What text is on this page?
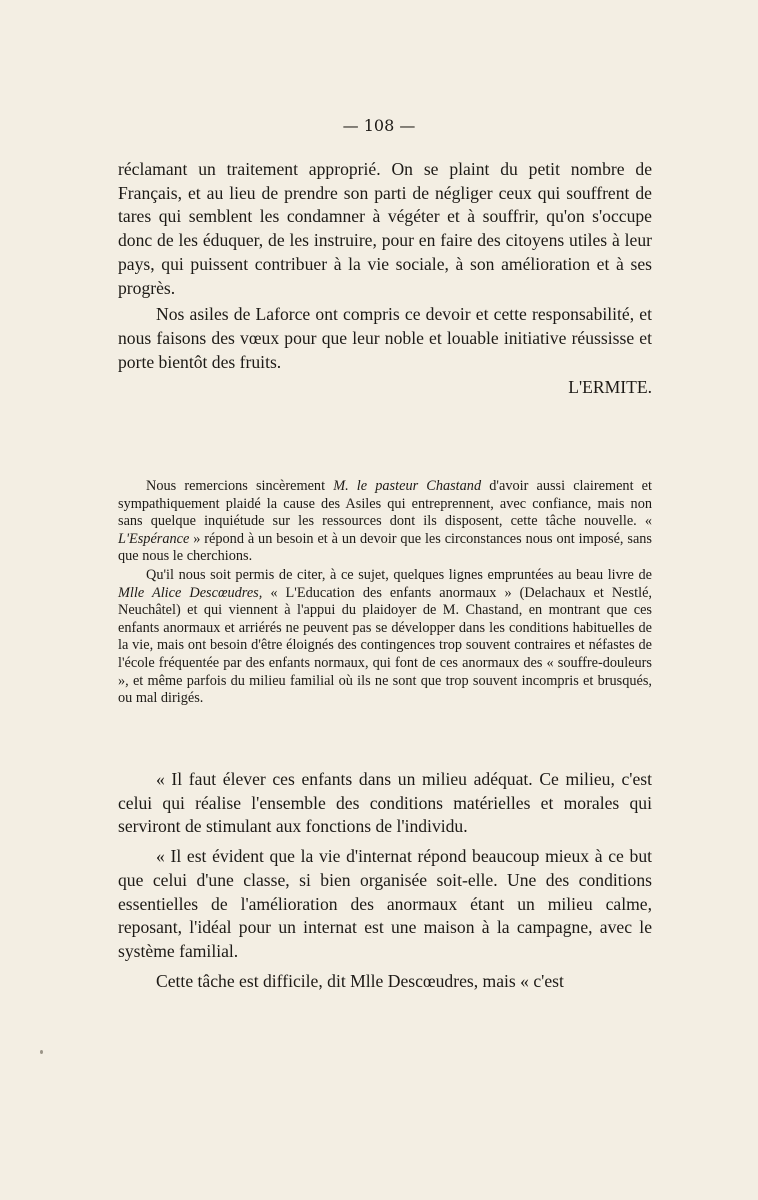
— 108 —

réclamant un traitement approprié. On se plaint du petit nombre de Français, et au lieu de prendre son parti de négliger ceux qui souffrent de tares qui semblent les condamner à végéter et à souffrir, qu'on s'occupe donc de les éduquer, de les instruire, pour en faire des citoyens utiles à leur pays, qui puissent contribuer à la vie sociale, à son amélioration et à ses progrès.

Nos asiles de Laforce ont compris ce devoir et cette responsabilité, et nous faisons des vœux pour que leur noble et louable initiative réussisse et porte bientôt des fruits.

L'ERMITE.

Nous remercions sincèrement M. le pasteur Chastand d'avoir aussi clairement et sympathiquement plaidé la cause des Asiles qui entreprennent, avec confiance, mais non sans quelque inquiétude sur les ressources dont ils disposent, cette tâche nouvelle. « L'Espérance » répond à un besoin et à un devoir que les circonstances nous ont imposé, sans que nous le cherchions.

Qu'il nous soit permis de citer, à ce sujet, quelques lignes empruntées au beau livre de Mlle Alice Descœudres, « L'Education des enfants anormaux » (Delachaux et Nestlé, Neuchâtel) et qui viennent à l'appui du plaidoyer de M. Chastand, en montrant que ces enfants anormaux et arriérés ne peuvent pas se développer dans les conditions habituelles de la vie, mais ont besoin d'être éloignés des contingences trop souvent contraires et néfastes de l'école fréquentée par des enfants normaux, qui font de ces anormaux des « souffre-douleurs », et même parfois du milieu familial où ils ne sont que trop souvent incompris et brusqués, ou mal dirigés.

« Il faut élever ces enfants dans un milieu adéquat. Ce milieu, c'est celui qui réalise l'ensemble des conditions matérielles et morales qui serviront de stimulant aux fonctions de l'individu.

« Il est évident que la vie d'internat répond beaucoup mieux à ce but que celui d'une classe, si bien organisée soit-elle. Une des conditions essentielles de l'amélioration des anormaux étant un milieu calme, reposant, l'idéal pour un internat est une maison à la campagne, avec le système familial.

Cette tâche est difficile, dit Mlle Descœudres, mais « c'est
